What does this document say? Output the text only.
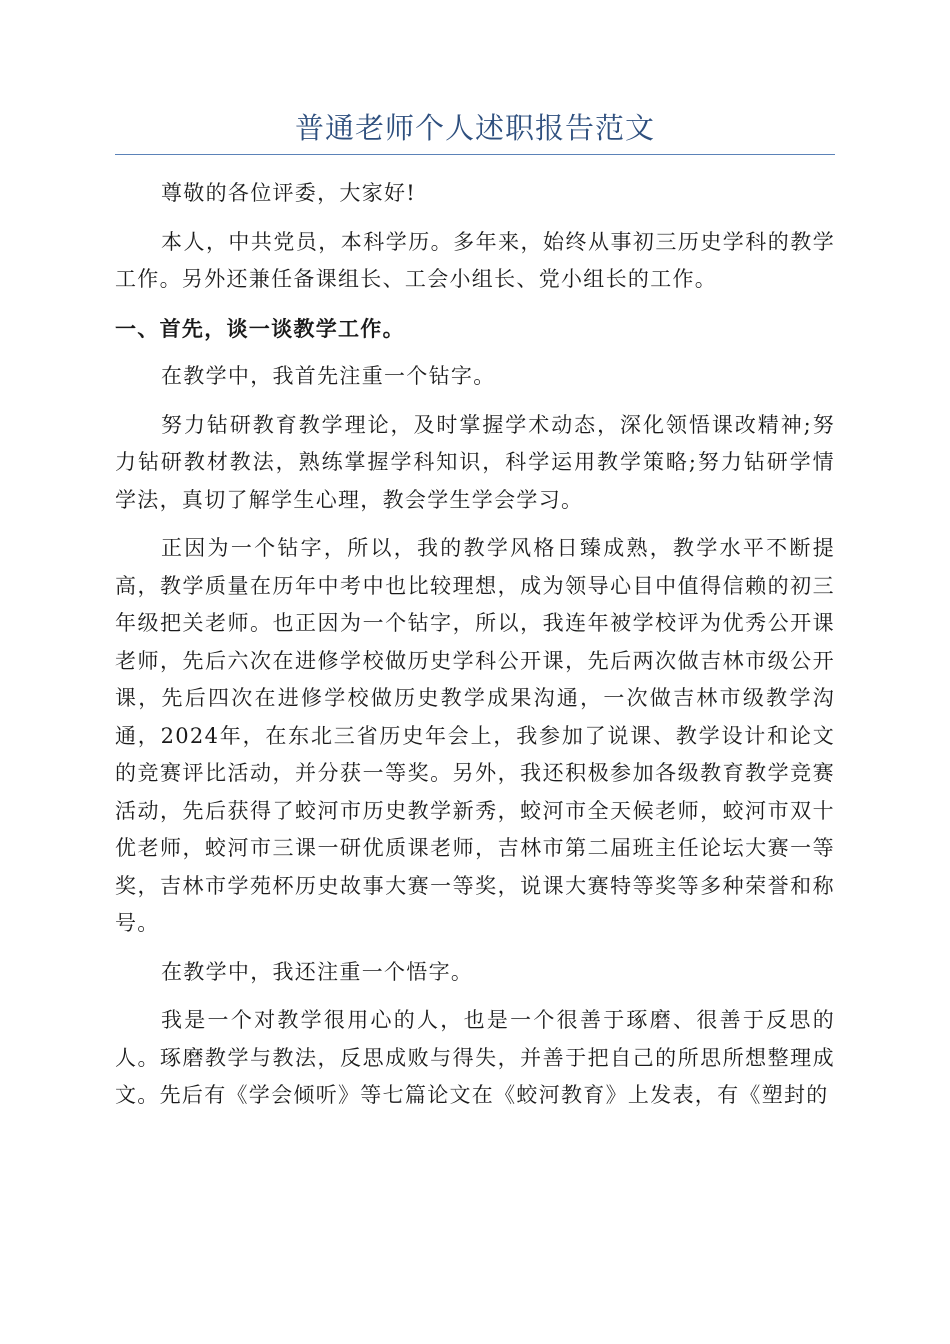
普通老师个人述职报告范文

尊敬的各位评委，大家好!

本人，中共党员，本科学历。多年来，始终从事初三历史学科的教学工作。另外还兼任备课组长、工会小组长、党小组长的工作。

一、首先，谈一谈教学工作。

在教学中，我首先注重一个钻字。

努力钻研教育教学理论，及时掌握学术动态，深化领悟课改精神;努力钻研教材教法，熟练掌握学科知识，科学运用教学策略;努力钻研学情学法，真切了解学生心理，教会学生学会学习。

正因为一个钻字，所以，我的教学风格日臻成熟，教学水平不断提高，教学质量在历年中考中也比较理想，成为领导心目中值得信赖的初三年级把关老师。也正因为一个钻字，所以，我连年被学校评为优秀公开课老师，先后六次在进修学校做历史学科公开课，先后两次做吉林市级公开课，先后四次在进修学校做历史教学成果沟通，一次做吉林市级教学沟通，2024年，在东北三省历史年会上，我参加了说课、教学设计和论文的竞赛评比活动，并分获一等奖。另外，我还积极参加各级教育教学竞赛活动，先后获得了蛟河市历史教学新秀，蛟河市全天候老师，蛟河市双十优老师，蛟河市三课一研优质课老师，吉林市第二届班主任论坛大赛一等奖，吉林市学苑杯历史故事大赛一等奖，说课大赛特等奖等多种荣誉和称号。

在教学中，我还注重一个悟字。

我是一个对教学很用心的人，也是一个很善于琢磨、很善于反思的人。琢磨教学与教法，反思成败与得失，并善于把自己的所思所想整理成文。先后有《学会倾听》等七篇论文在《蛟河教育》上发表，有《塑封的
